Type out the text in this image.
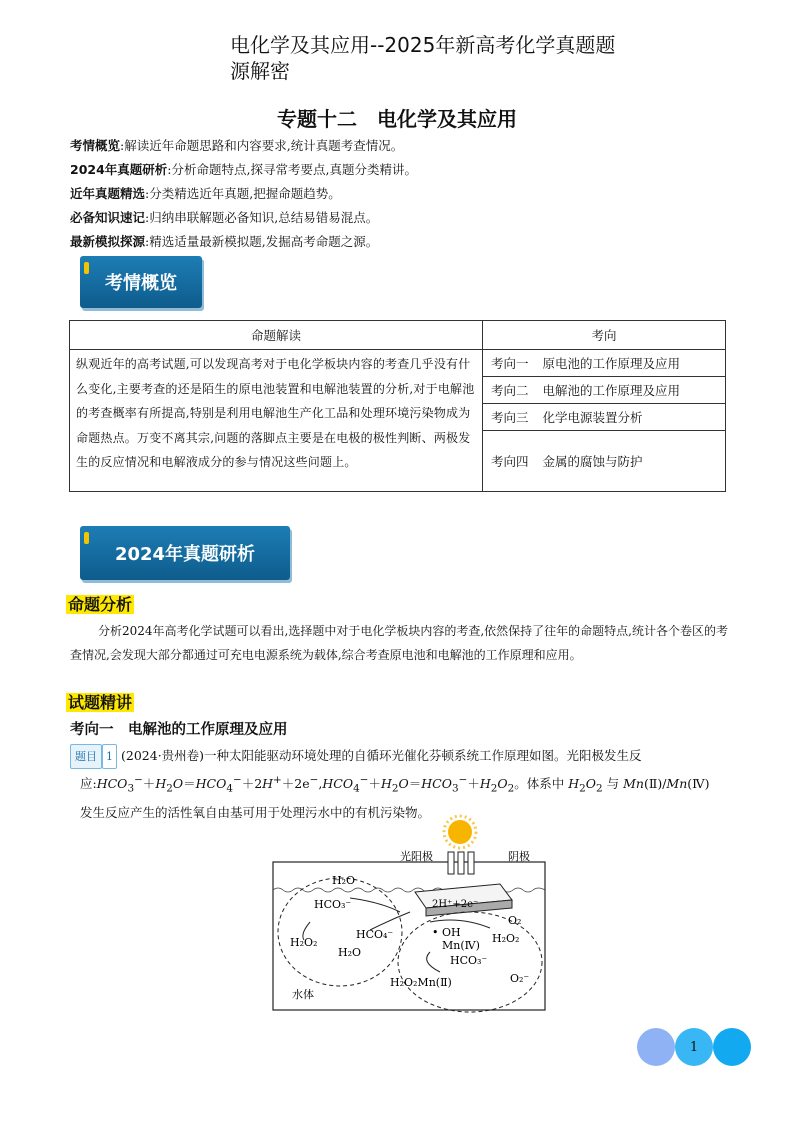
电化学及其应用--2025年新高考化学真题题源解密
专题十二　电化学及其应用
考情概览:解读近年命题思路和内容要求,统计真题考查情况。
2024年真题研析:分析命题特点,探寻常考要点,真题分类精讲。
近年真题精选:分类精选近年真题,把握命题趋势。
必备知识速记:归纳串联解题必备知识,总结易错易混点。
最新模拟探源:精选适量最新模拟题,发掘高考命题之源。
考情概览
命题解读	考向
纵观近年的高考试题,可以发现高考对于电化学板块内容的考查几乎没有什么变化,主要考查的还是陌生的原电池装置和电解池装置的分析,对于电解池的考查概率有所提高,特别是利用电解池生产化工品和处理环境污染物成为命题热点。万变不离其宗,问题的落脚点主要是在电极的极性判断、两极发生的反应情况和电解液成分的参与情况这些问题上。	考向一 原电池的工作原理及应用
	考向二 电解池的工作原理及应用
	考向三 化学电源装置分析
	考向四 金属的腐蚀与防护
2024年真题研析
命题分析
分析2024年高考化学试题可以看出,选择题中对于电化学板块内容的考查,依然保持了往年的命题特点,统计各个卷区的考查情况,会发现大部分都通过可充电电源系统为载体,综合考查原电池和电解池的工作原理和应用。
试题精讲
考向一　电解池的工作原理及应用
题目 1 (2024·贵州卷)一种太阳能驱动环境处理的自循环光催化芬顿系统工作原理如图。光阳极发生反
应$:HCO_3^-+H_2O=HCO_4^-+2H^++2e^-,HCO_4^-+H_2O=HCO_3^-+H_2O_2$。体系中 $H_2O_2$ 与 Mn(Ⅱ)/Mn(Ⅳ)
发生反应产生的活性氧自由基可用于处理污水中的有机污染物。
光阳极	阴极
H₂O
HCO₃⁻
HCO₄⁻
H₂O₂
H₂O
2H⁺+2e⁻
O₂
• OH
Mn(Ⅳ)
H₂O₂
HCO₃⁻
H₂O₂Mn(Ⅱ)	O₂⁻
水体
1
